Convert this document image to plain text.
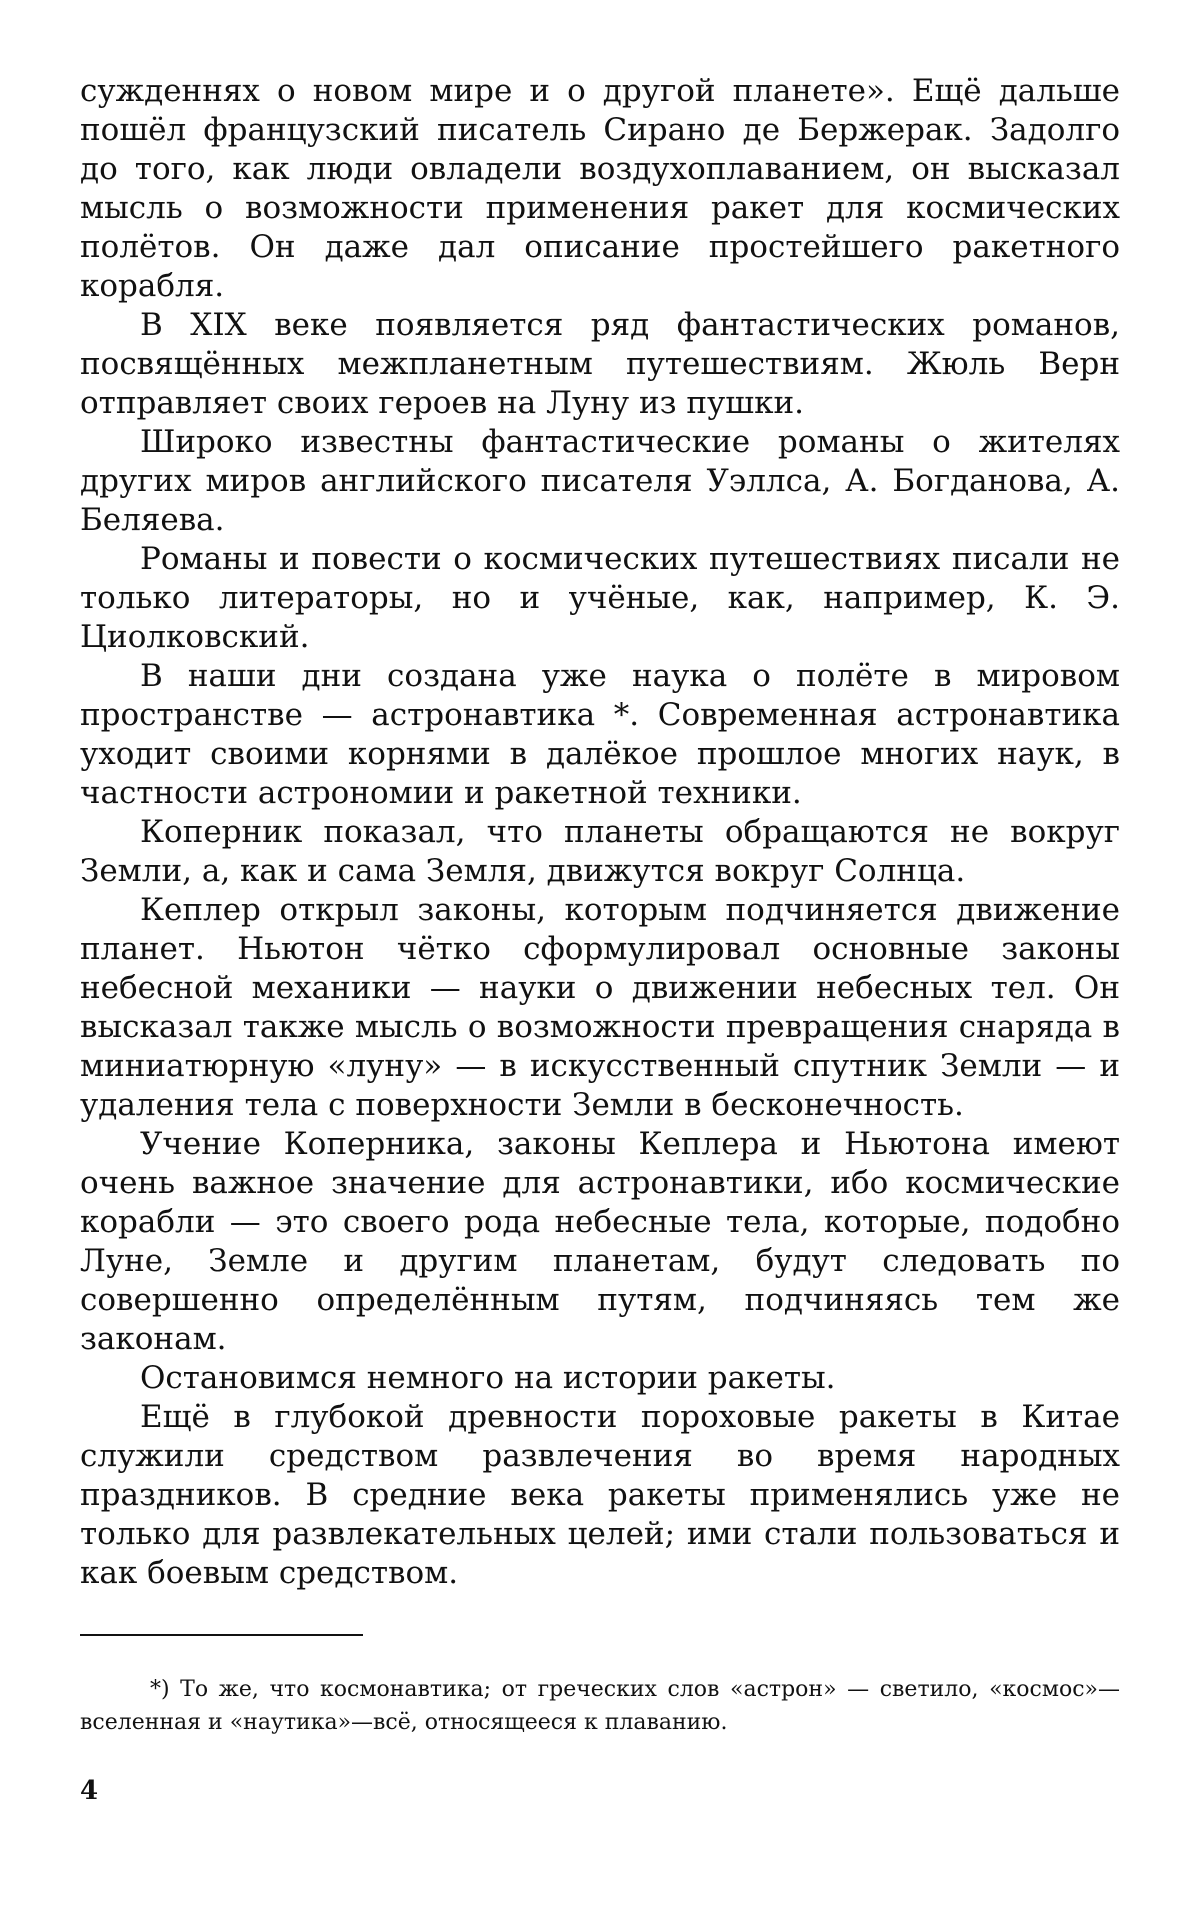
сужденнях о новом мире и о другой планете». Ещё дальше пошёл французский писатель Сирано де Бержерак. Задолго до того, как люди овладели воздухоплаванием, он высказал мысль о возможности применения ракет для космических полётов. Он даже дал описание простейшего ракетного корабля.

В XIX веке появляется ряд фантастических романов, посвящённых межпланетным путешествиям. Жюль Верн отправляет своих героев на Луну из пушки.

Широко известны фантастические романы о жителях других миров английского писателя Уэллса, А. Богданова, А. Беляева.

Романы и повести о космических путешествиях писали не только литераторы, но и учёные, как, например, К. Э. Циолковский.

В наши дни создана уже наука о полёте в мировом пространстве — астронавтика *. Современная астронавтика уходит своими корнями в далёкое прошлое многих наук, в частности астрономии и ракетной техники.

Коперник показал, что планеты обращаются не вокруг Земли, а, как и сама Земля, движутся вокруг Солнца.

Кеплер открыл законы, которым подчиняется движение планет. Ньютон чётко сформулировал основные законы небесной механики — науки о движении небесных тел. Он высказал также мысль о возможности превращения снаряда в миниатюрную «луну» — в искусственный спутник Земли — и удаления тела с поверхности Земли в бесконечность.

Учение Коперника, законы Кеплера и Ньютона имеют очень важное значение для астронавтики, ибо космические корабли — это своего рода небесные тела, которые, подобно Луне, Земле и другим планетам, будут следовать по совершенно определённым путям, подчиняясь тем же законам.

Остановимся немного на истории ракеты.

Ещё в глубокой древности пороховые ракеты в Китае служили средством развлечения во время народных праздников. В средние века ракеты применялись уже не только для развлекательных целей; ими стали пользоваться и как боевым средством.

*) То же, что космонавтика; от греческих слов «астрон» — светило, «космос»—вселенная и «наутика»—всё, относящееся к плаванию.

4
